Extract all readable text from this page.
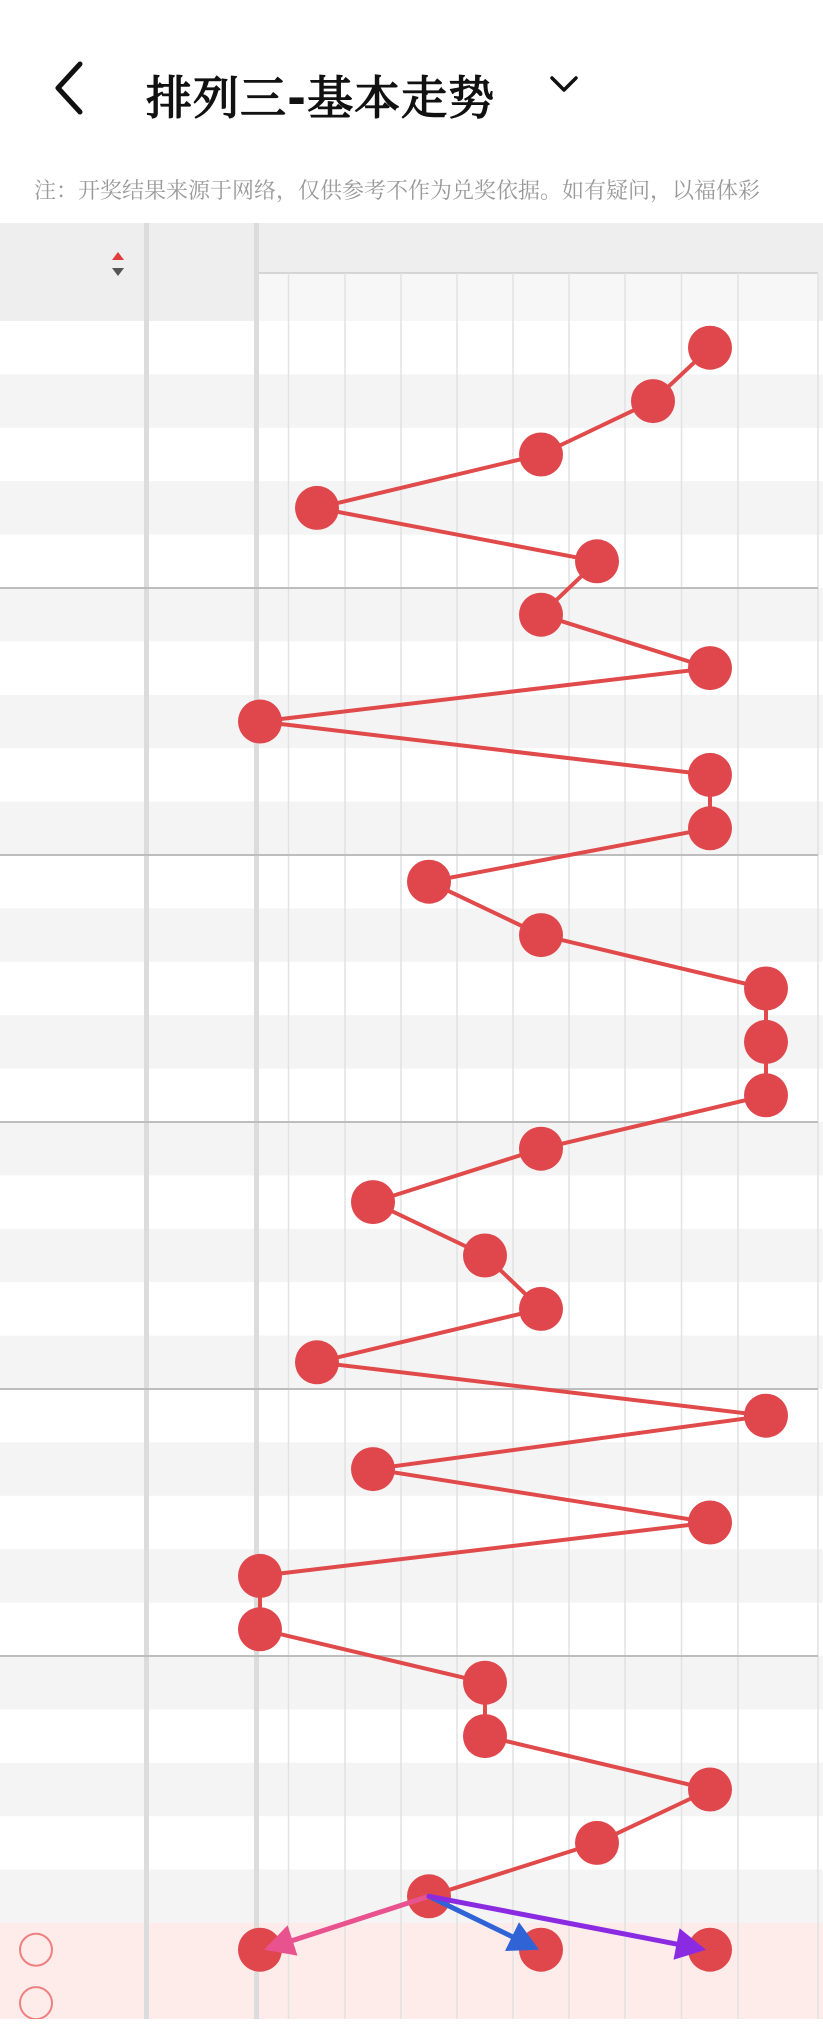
排列三-基本走势
注：开奖结果来源于网络，仅供参考不作为兑奖依据。如有疑问，以福体彩
